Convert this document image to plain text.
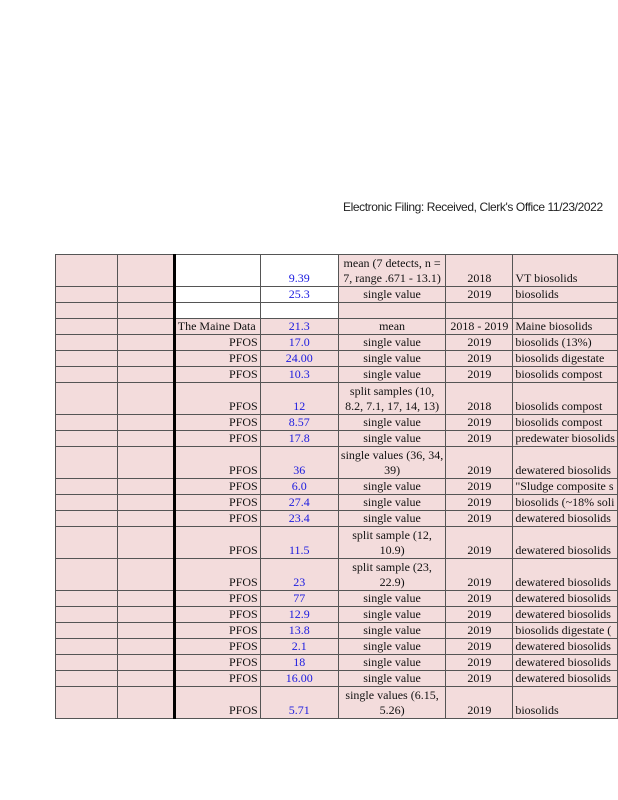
Electronic Filing: Received, Clerk's Office 11/23/2022

			9.39	mean (7 detects, n = 7, range .671 - 13.1)	2018	VT biosolids

			25.3	single value	2019	biosolids

		The Maine Data	21.3	mean	2018 - 2019	Maine biosolids

		PFOS	17.0	single value	2019	biosolids (13%)

		PFOS	24.00	single value	2019	biosolids digestate

		PFOS	10.3	single value	2019	biosolids compost

		PFOS	12	split samples (10, 8.2, 7.1, 17, 14, 13)	2018	biosolids compost

		PFOS	8.57	single value	2019	biosolids compost

		PFOS	17.8	single value	2019	predewater biosolids

		PFOS	36	single values (36, 34, 39)	2019	dewatered biosolids

		PFOS	6.0	single value	2019	"Sludge composite s

		PFOS	27.4	single value	2019	biosolids (~18% soli

		PFOS	23.4	single value	2019	dewatered biosolids

		PFOS	11.5	split sample (12, 10.9)	2019	dewatered biosolids

		PFOS	23	split sample (23, 22.9)	2019	dewatered biosolids

		PFOS	77	single value	2019	dewatered biosolids

		PFOS	12.9	single value	2019	dewatered biosolids

		PFOS	13.8	single value	2019	biosolids digestate (

		PFOS	2.1	single value	2019	dewatered biosolids

		PFOS	18	single value	2019	dewatered biosolids

		PFOS	16.00	single value	2019	dewatered biosolids

		PFOS	5.71	single values (6.15, 5.26)	2019	biosolids
